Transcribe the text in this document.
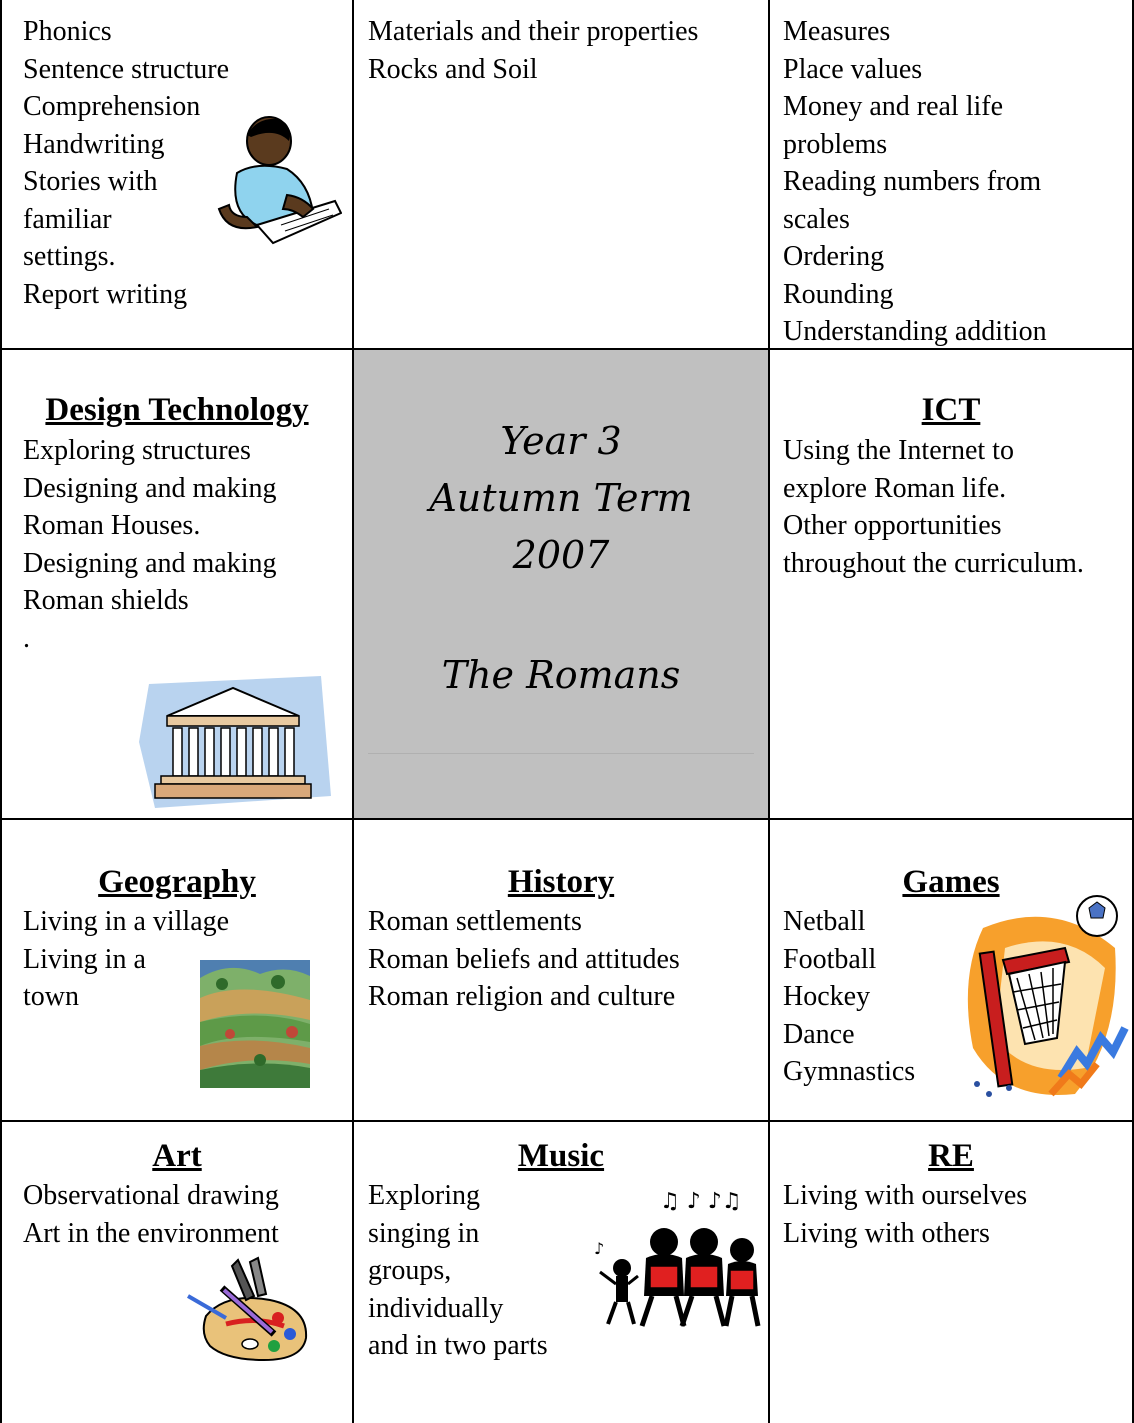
Phonics
Sentence structure
Comprehension
Handwriting
Stories with
familiar
settings.
Report writing
Materials and their properties
Rocks and Soil
Measures
Place values
Money and real life
problems
Reading numbers from
scales
Ordering
Rounding
Understanding addition
Design Technology
Exploring structures
Designing and making
Roman Houses.
Designing and making
Roman shields
.
Year 3
Autumn Term
2007
The Romans
ICT
Using the Internet to
explore Roman life.
Other opportunities
throughout the curriculum.
Geography
Living in a village
Living in a
town
History
Roman settlements
Roman beliefs and attitudes
Roman religion and culture
Games
Netball
Football
Hockey
Dance
Gymnastics
Art
Observational drawing
Art in the environment
Music
Exploring
singing in
groups,
individually
and in two parts
♫ ♪ ♪♫
♪
RE
Living with ourselves
Living with others
